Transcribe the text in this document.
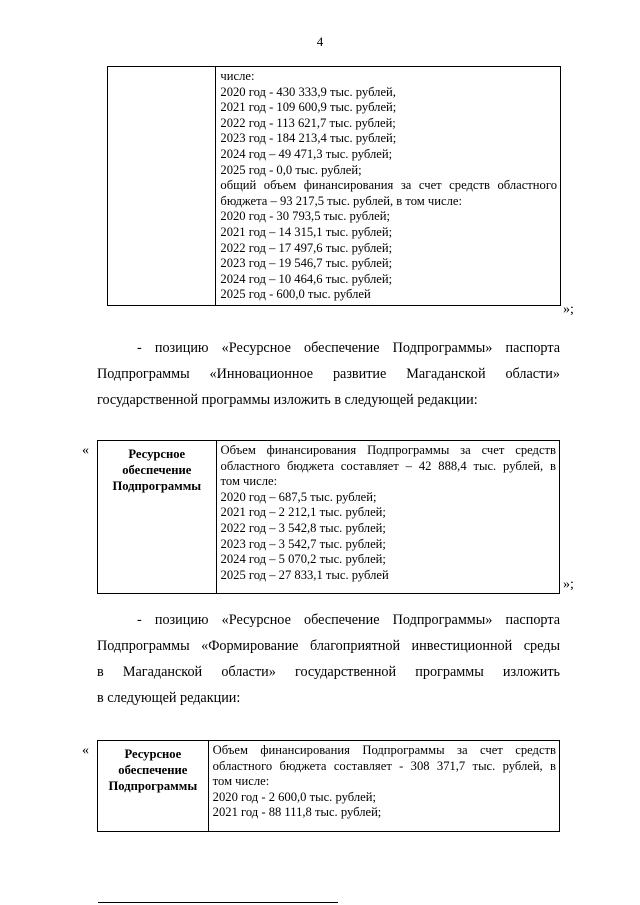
4

числе:
2020 год - 430 333,9 тыс. рублей,
2021 год - 109 600,9 тыс. рублей;
2022 год - 113 621,7 тыс. рублей;
2023 год - 184 213,4 тыс. рублей;
2024 год – 49 471,3 тыс. рублей;
2025 год - 0,0 тыс. рублей;
общий объем финансирования за счет средств областного
бюджета – 93 217,5 тыс. рублей, в том числе:
2020 год - 30 793,5 тыс. рублей;
2021 год – 14 315,1 тыс. рублей;
2022 год – 17 497,6 тыс. рублей;
2023 год – 19 546,7 тыс. рублей;
2024 год – 10 464,6 тыс. рублей;
2025 год - 600,0 тыс. рублей
»;
- позицию «Ресурсное обеспечение Подпрограммы» паспорта
Подпрограммы «Инновационное развитие Магаданской области»
государственной программы изложить в следующей редакции:
«	Ресурсное
обеспечение
Подпрограммы

Объем финансирования Подпрограммы за счет средств
областного бюджета составляет – 42 888,4 тыс. рублей, в
том числе:
2020 год – 687,5 тыс. рублей;
2021 год – 2 212,1 тыс. рублей;
2022 год – 3 542,8 тыс. рублей;
2023 год – 3 542,7 тыс. рублей;
2024 год – 5 070,2 тыс. рублей;
2025 год – 27 833,1 тыс. рублей
»;
- позицию «Ресурсное обеспечение Подпрограммы» паспорта
Подпрограммы «Формирование благоприятной инвестиционной среды
в Магаданской области» государственной программы изложить
в следующей редакции:
«	Ресурсное
обеспечение
Подпрограммы

Объем финансирования Подпрограммы за счет средств
областного бюджета составляет - 308 371,7 тыс. рублей, в
том числе:
2020 год - 2 600,0 тыс. рублей;
2021 год - 88 111,8 тыс. рублей;
